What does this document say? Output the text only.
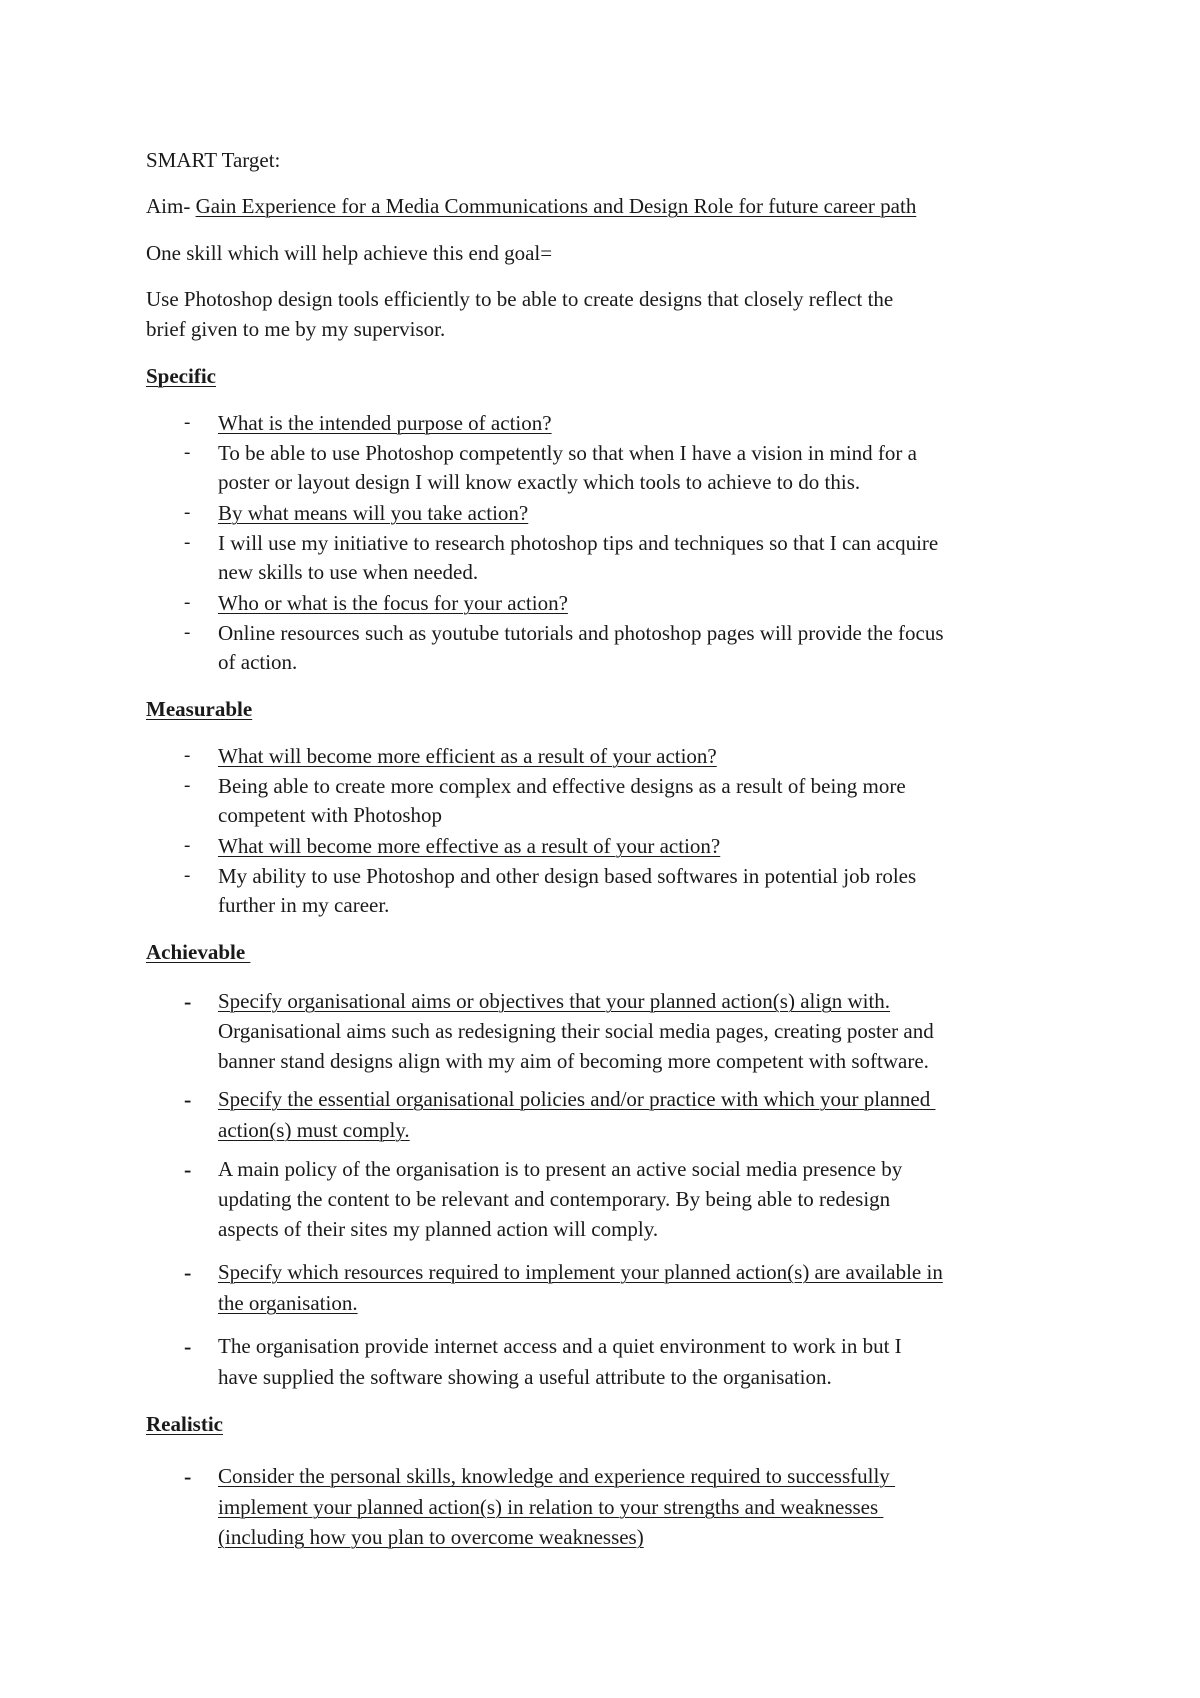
SMART Target:
Aim- Gain Experience for a Media Communications and Design Role for future career path
One skill which will help achieve this end goal=
Use Photoshop design tools efficiently to be able to create designs that closely reflect the
brief given to me by my supervisor.
Specific
- What is the intended purpose of action?
- To be able to use Photoshop competently so that when I have a vision in mind for a
poster or layout design I will know exactly which tools to achieve to do this.
- By what means will you take action?
- I will use my initiative to research photoshop tips and techniques so that I can acquire
new skills to use when needed.
- Who or what is the focus for your action?
- Online resources such as youtube tutorials and photoshop pages will provide the focus
of action.
Measurable
- What will become more efficient as a result of your action?
- Being able to create more complex and effective designs as a result of being more
competent with Photoshop
- What will become more effective as a result of your action?
- My ability to use Photoshop and other design based softwares in potential job roles
further in my career.
Achievable
- Specify organisational aims or objectives that your planned action(s) align with.
Organisational aims such as redesigning their social media pages, creating poster and
banner stand designs align with my aim of becoming more competent with software.
- Specify the essential organisational policies and/or practice with which your planned
action(s) must comply.
- A main policy of the organisation is to present an active social media presence by
updating the content to be relevant and contemporary. By being able to redesign
aspects of their sites my planned action will comply.
- Specify which resources required to implement your planned action(s) are available in
the organisation.
- The organisation provide internet access and a quiet environment to work in but I
have supplied the software showing a useful attribute to the organisation.
Realistic
- Consider the personal skills, knowledge and experience required to successfully
implement your planned action(s) in relation to your strengths and weaknesses
(including how you plan to overcome weaknesses)
